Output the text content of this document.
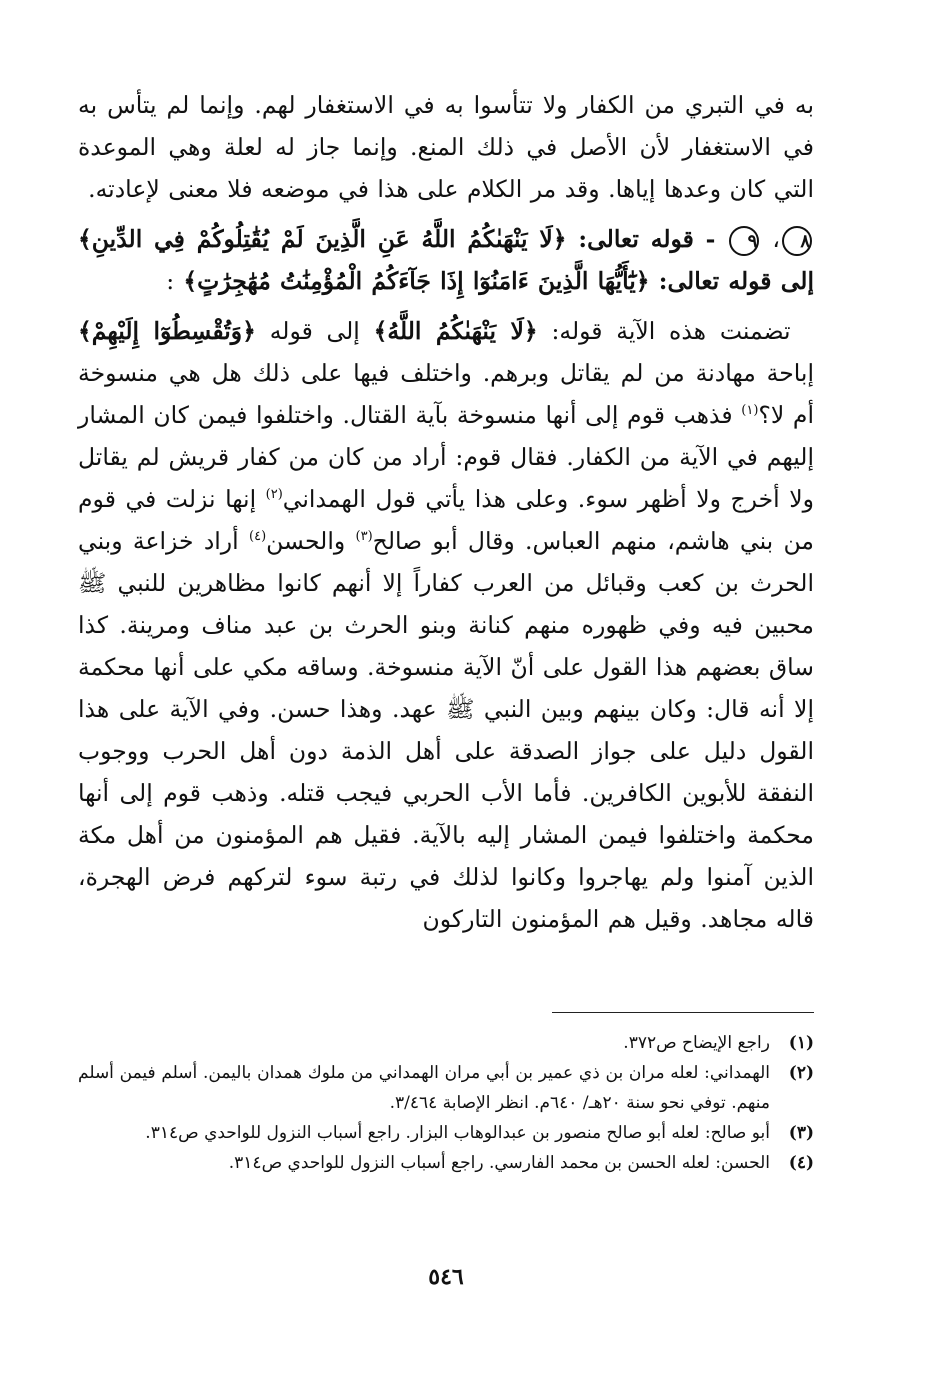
به في التبري من الكفار ولا تتأسوا به في الاستغفار لهم. وإنما لم يتأس به في الاستغفار لأن الأصل في ذلك المنع. وإنما جاز له لعلة وهي الموعدة التي كان وعدها إياها. وقد مر الكلام على هذا في موضعه فلا معنى لإعادته.

٨، ٩ - قوله تعالى: ﴿لَا يَنْهَىٰكُمُ اللَّهُ عَنِ الَّذِينَ لَمْ يُقَٰتِلُوكُمْ فِي الدِّينِ﴾ إلى قوله تعالى: ﴿يَٰٓأَيُّهَا الَّذِينَ ءَامَنُوٓا إِذَا جَآءَكُمُ الْمُؤْمِنَٰتُ مُهَٰجِرَٰتٍ﴾ :

 تضمنت هذه الآية قوله: ﴿لَا يَنْهَىٰكُمُ اللَّهُ﴾ إلى قوله ﴿وَتُقْسِطُوٓا إِلَيْهِمْ﴾ إباحة مهادنة من لم يقاتل وبرهم. واختلف فيها على ذلك هل هي منسوخة أم لا؟$^{(١)}$ فذهب قوم إلى أنها منسوخة بآية القتال. واختلفوا فيمن كان المشار إليهم في الآية من الكفار. فقال قوم: أراد من كان من كفار قريش لم يقاتل ولا أخرج ولا أظهر سوء. وعلى هذا يأتي قول الهمداني$^{(٢)}$ إنها نزلت في قوم من بني هاشم، منهم العباس. وقال أبو صالح$^{(٣)}$ والحسن$^{(٤)}$ أراد خزاعة وبني الحرث بن كعب وقبائل من العرب كفاراً إلا أنهم كانوا مظاهرين للنبي ﷺ محبين فيه وفي ظهوره منهم كنانة وبنو الحرث بن عبد مناف ومرينة. كذا ساق بعضهم هذا القول على أنّ الآية منسوخة. وساقه مكي على أنها محكمة إلا أنه قال: وكان بينهم وبين النبي ﷺ عهد. وهذا حسن. وفي الآية على هذا القول دليل على جواز الصدقة على أهل الذمة دون أهل الحرب ووجوب النفقة للأبوين الكافرين. فأما الأب الحربي فيجب قتله. وذهب قوم إلى أنها محكمة واختلفوا فيمن المشار إليه بالآية. فقيل هم المؤمنون من أهل مكة الذين آمنوا ولم يهاجروا وكانوا لذلك في رتبة سوء لتركهم فرض الهجرة، قاله مجاهد. وقيل هم المؤمنون التاركون

(١)
راجع الإيضاح ص٣٧٢.
(٢)
الهمداني: لعله مران بن ذي عمير بن أبي مران الهمداني من ملوك همدان باليمن. أسلم فيمن أسلم منهم. توفي نحو سنة ٢٠هـ/ ٦٤٠م. انظر الإصابة ٣/٤٦٤.
(٣)
أبو صالح: لعله أبو صالح منصور بن عبدالوهاب البزار. راجع أسباب النزول للواحدي ص٣١٤.
(٤)
الحسن: لعله الحسن بن محمد الفارسي. راجع أسباب النزول للواحدي ص٣١٤.
٥٤٦
